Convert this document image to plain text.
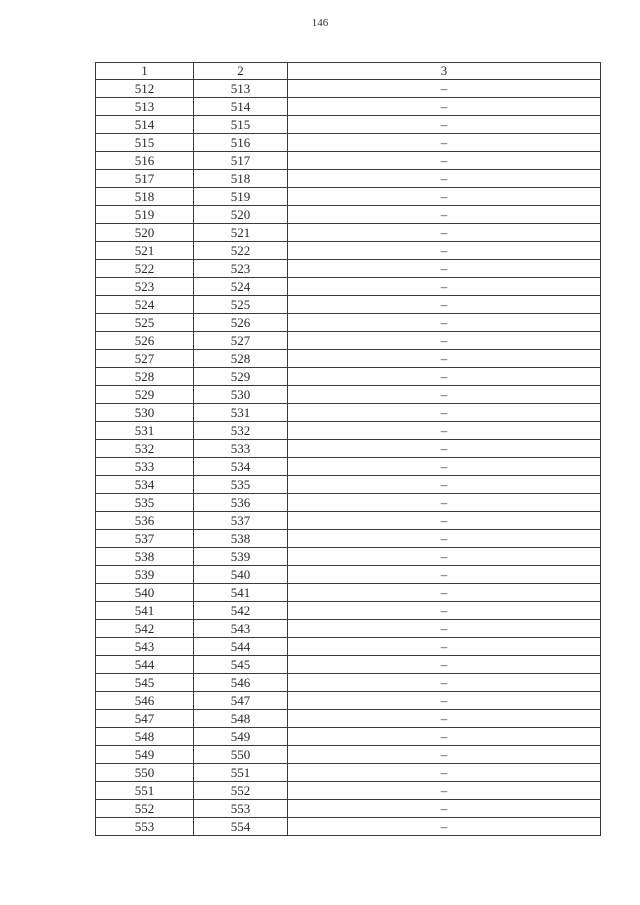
146
1	2	3
512	513	–
513	514	–
514	515	–
515	516	–
516	517	–
517	518	–
518	519	–
519	520	–
520	521	–
521	522	–
522	523	–
523	524	–
524	525	–
525	526	–
526	527	–
527	528	–
528	529	–
529	530	–
530	531	–
531	532	–
532	533	–
533	534	–
534	535	–
535	536	–
536	537	–
537	538	–
538	539	–
539	540	–
540	541	–
541	542	–
542	543	–
543	544	–
544	545	–
545	546	–
546	547	–
547	548	–
548	549	–
549	550	–
550	551	–
551	552	–
552	553	–
553	554	–
